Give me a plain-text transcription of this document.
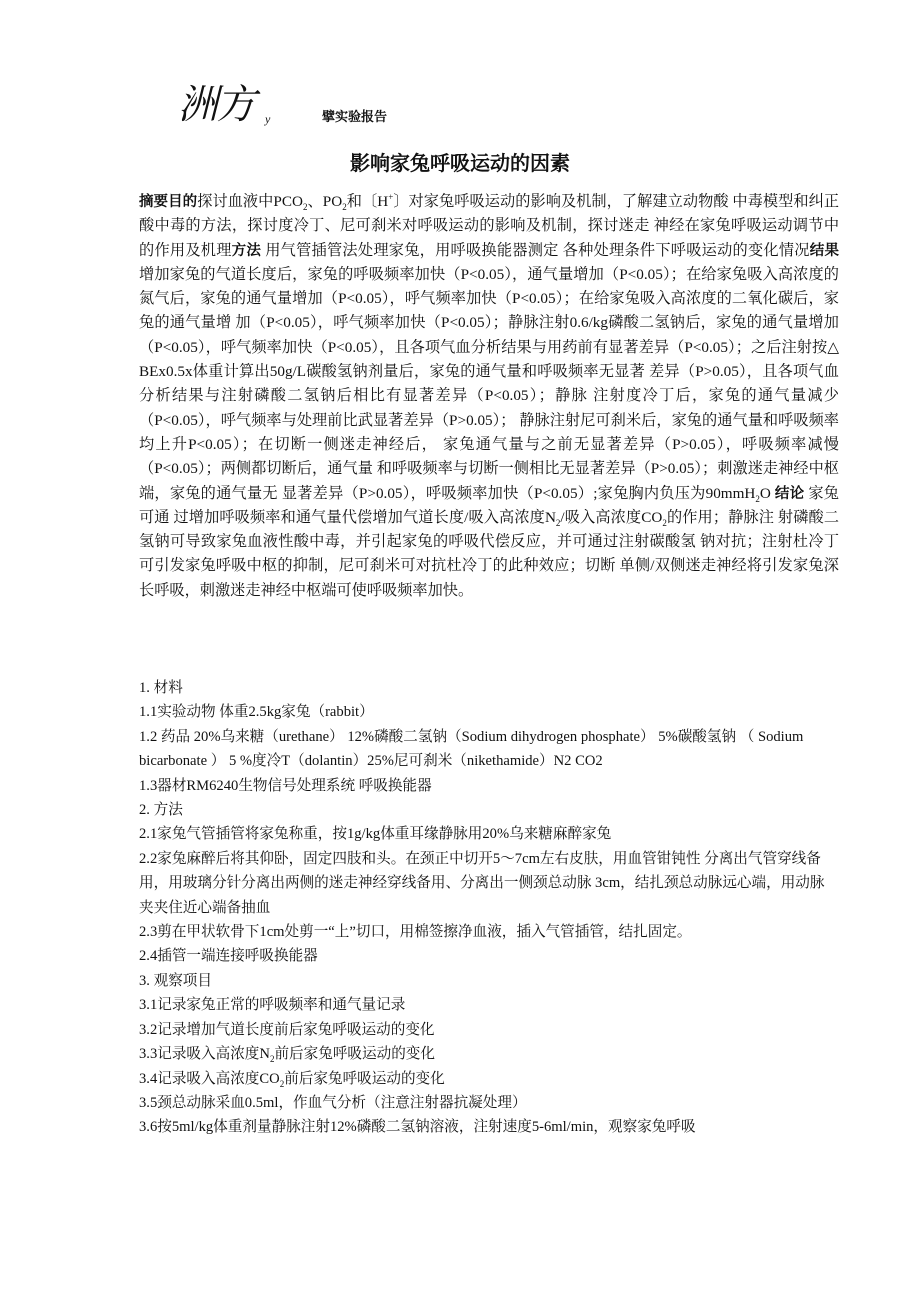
洲方 y	擘实验报告
影响家兔呼吸运动的因素
摘要目的探讨血液中$PCO_2$、$PO_2$和〔H+〕对家兔呼吸运动的影响及机制，了解建立动物酸 中毒模型和纠正酸中毒的方法，探讨度冷丁、尼可刹米对呼吸运动的影响及机制，探讨迷走 神经在家兔呼吸运动调节中的作用及机理方法 用气管插管法处理家兔，用呼吸换能器测定 各种处理条件下呼吸运动的变化情况结果增加家兔的气道长度后，家兔的呼吸频率加快（P<0.05），通气量增加（P<0.05）；在给家兔吸入高浓度的氮气后，家兔的通气量增加（P<0.05），呼气频率加快（P<0.05）；在给家兔吸入高浓度的二氧化碳后，家兔的通气量增 加（P<0.05），呼气频率加快（P<0.05）；静脉注射0.6/kg磷酸二氢钠后，家兔的通气量增加（P<0.05），呼气频率加快（P<0.05），且各项气血分析结果与用药前有显著差异（P<0.05）；之后注射按△ BEx0.5x体重计算出50g/L碳酸氢钠剂量后，家兔的通气量和呼吸频率无显著 差异（P>0.05），且各项气血分析结果与注射磷酸二氢钠后相比有显著差异（P<0.05）；静脉 注射度冷丁后，家兔的通气量减少（P<0.05），呼气频率与处理前比武显著差异（P>0.05）； 静脉注射尼可刹米后，家兔的通气量和呼吸频率均上升P<0.05）；在切断一侧迷走神经后， 家兔通气量与之前无显著差异（P>0.05），呼吸频率减慢（P<0.05）；两侧都切断后，通气量 和呼吸频率与切断一侧相比无显著差异（P>0.05）；刺激迷走神经中枢端，家兔的通气量无 显著差异（P>0.05），呼吸频率加快（P<0.05）;家兔胸内负压为90mmH$_2$O 结论 家兔可通 过增加呼吸频率和通气量代偿增加气道长度/吸入高浓度$N_2/$吸入高浓度$CO_2$的作用；静脉注 射磷酸二氢钠可导致家兔血液性酸中毒，并引起家兔的呼吸代偿反应，并可通过注射碳酸氢 钠对抗；注射杜冷丁可引发家兔呼吸中枢的抑制，尼可刹米可对抗杜冷丁的此种效应；切断 单侧/双侧迷走神经将引发家兔深长呼吸，刺激迷走神经中枢端可使呼吸频率加快。
1. 材料
1.1实验动物 体重2.5kg家兔（rabbit）
1.2 药品 20%乌来糖（urethane） 12%磷酸二氢钠（Sodium dihydrogen phosphate） 5%碳酸氢钠 （ Sodium bicarbonate ） 5 %度冷T（dolantin）25%尼可刹米（nikethamide）N2 CO2
1.3器材RM6240生物信号处理系统 呼吸换能器
2. 方法
2.1家兔气管插管将家兔称重，按1g/kg体重耳缘静脉用20%乌来糖麻醉家兔
2.2家兔麻醉后将其仰卧，固定四肢和头。在颈正中切开5〜7cm左右皮肤，用血管钳钝性 分离出气管穿线备用，用玻璃分针分离出两侧的迷走神经穿线备用、分离出一侧颈总动脉 3cm，结扎颈总动脉远心端，用动脉夹夹住近心端备抽血
2.3剪在甲状软骨下1cm处剪一“上”切口，用棉签擦净血液，插入气管插管，结扎固定。
2.4插管一端连接呼吸换能器
3. 观察项目
3.1记录家兔正常的呼吸频率和通气量记录
3.2记录增加气道长度前后家兔呼吸运动的变化
3.3记录吸入高浓度$N_2$前后家兔呼吸运动的变化
3.4记录吸入高浓度$CO_2$前后家兔呼吸运动的变化
3.5颈总动脉采血0.5ml，作血气分析（注意注射器抗凝处理）
3.6按5ml/kg体重剂量静脉注射12%磷酸二氢钠溶液，注射速度5-6ml/min，观察家兔呼吸
